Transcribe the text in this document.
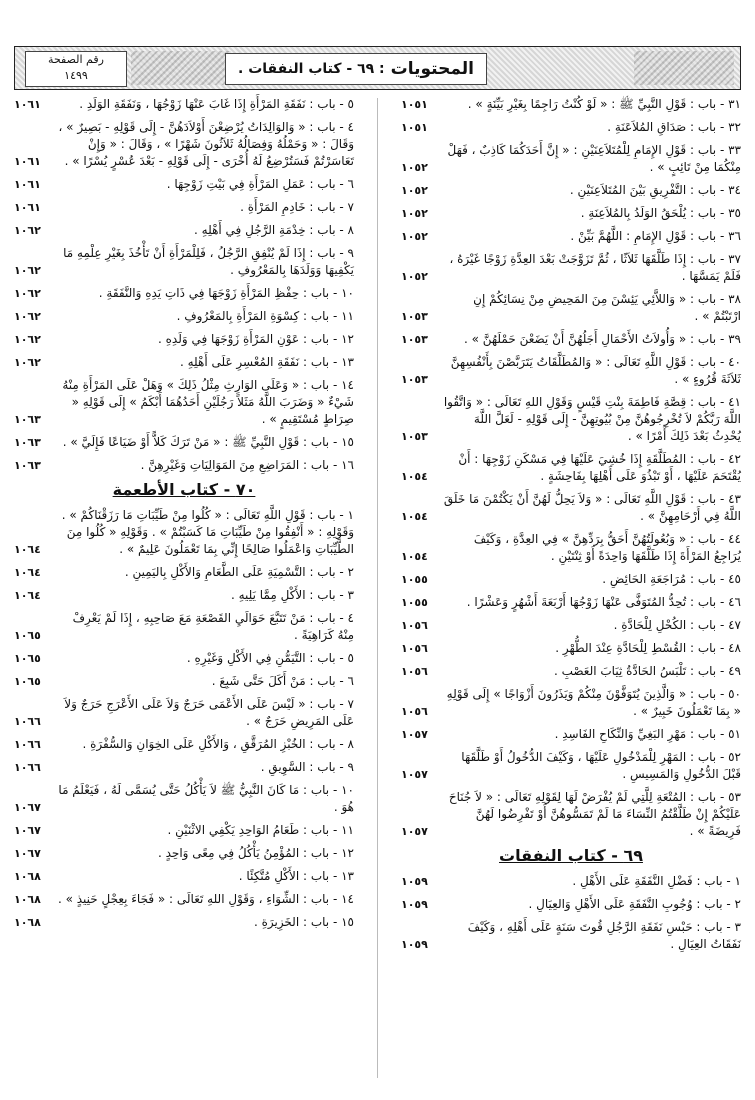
المحتويات
: ٦٩ - كتاب النفقات .
رقم الصفحة
١٤٩٩
٣١ - باب : قَوْلِ النَّبِيِّ ﷺ : « لَوْ كُنْتُ رَاجِمًا بِغَيْرِ بَيِّنَةٍ » .
١٠٥١
٣٢ - باب : صَدَاقِ المُلاَعَنَةِ .
١٠٥١
٣٣ - باب : قَوْلِ الإِمَامِ لِلْمُتَلاَعِنَيْنِ : « إِنَّ أَحَدَكُمَا كَاذِبٌ ، فَهَلْ مِنْكُمَا مِنْ تَائِبٍ » .
١٠٥٢
٣٤ - باب : التَّفْرِيقِ بَيْنَ المُتَلاَعِنَيْنِ .
١٠٥٢
٣٥ - باب : يُلْحَقُ الوَلَدُ بِالمُلاَعِنَةِ .
١٠٥٢
٣٦ - باب : قَوْلِ الإِمَامِ : اللَّهُمَّ بَيِّنْ .
١٠٥٢
٣٧ - باب : إِذَا طَلَّقَهَا ثَلاَثًا ، ثُمَّ تَزَوَّجَتْ بَعْدَ العِدَّةِ زَوْجًا غَيْرَهُ ، فَلَمْ يَمَسَّهَا .
١٠٥٢
٣٨ - باب : « وَاللاَّئِي يَئِسْنَ مِنَ المَحِيضِ مِنْ نِسَائِكُمْ إِنِ ارْتَبْتُمْ » .
١٠٥٣
٣٩ - باب : « وَأُولاَتُ الأَحْمَالِ أَجَلُهُنَّ أَنْ يَضَعْنَ حَمْلَهُنَّ » .
١٠٥٣
٤٠ - باب : قَوْلِ اللَّهِ تَعَالَى : « وَالمُطَلَّقَاتُ يَتَرَبَّصْنَ بِأَنْفُسِهِنَّ ثَلاَثَةَ قُرُوءٍ » .
١٠٥٣
٤١ - باب : قِصَّةِ فَاطِمَةَ بِنْتِ قَيْسٍ وَقَوْلِ اللهِ تَعَالَى : « وَاتَّقُوا اللَّهَ رَبَّكُمْ لاَ تُخْرِجُوهُنَّ مِنْ بُيُوتِهِنَّ - إِلَى قَوْلِهِ - لَعَلَّ اللَّهَ يُحْدِثُ بَعْدَ ذَلِكَ أَمْرًا » .
١٠٥٣
٤٢ - باب : المُطَلَّقَةِ إِذَا خُشِيَ عَلَيْهَا فِي مَسْكَنِ زَوْجِهَا : أَنْ يُقْتَحَمَ عَلَيْهَا ، أَوْ تَبْذُوَ عَلَى أَهْلِهَا بِفَاحِشَةٍ .
١٠٥٤
٤٣ - باب : قَوْلِ اللَّهِ تَعَالَى : « وَلاَ يَحِلُّ لَهُنَّ أَنْ يَكْتُمْنَ مَا خَلَقَ اللَّهُ فِي أَرْحَامِهِنَّ » .
١٠٥٤
٤٤ - باب : « وَبُعُولَتُهُنَّ أَحَقُّ بِرَدِّهِنَّ » فِي العِدَّةِ ، وَكَيْفَ يُرَاجِعُ المَرْأَةَ إِذَا طَلَّقَهَا وَاحِدَةً أَوْ ثِنْتَيْنِ .
١٠٥٤
٤٥ - باب : مُرَاجَعَةِ الحَائِضِ .
١٠٥٥
٤٦ - باب : تُحِدُّ المُتَوَفَّى عَنْهَا زَوْجُهَا أَرْبَعَةَ أَشْهُرٍ وَعَشْرًا .
١٠٥٥
٤٧ - باب : الكُحْلِ لِلْحَادَّةِ .
١٠٥٦
٤٨ - باب : القُسْطِ لِلْحَادَّةِ عِنْدَ الطُّهْرِ .
١٠٥٦
٤٩ - باب : تَلْبَسُ الحَادَّةُ ثِيَابَ العَصْبِ .
١٠٥٦
٥٠ - باب : « وَالَّذِينَ يُتَوَفَّوْنَ مِنْكُمْ وَيَذَرُونَ أَزْوَاجًا » إِلَى قَوْلِهِ « بِمَا تَعْمَلُونَ خَبِيرٌ » .
١٠٥٦
٥١ - باب : مَهْرِ البَغِيِّ وَالنِّكَاحِ الفَاسِدِ .
١٠٥٧
٥٢ - باب : المَهْرِ لِلْمَدْخُولِ عَلَيْهَا ، وَكَيْفَ الدُّخُولُ أَوْ طَلَّقَهَا قَبْلَ الدُّخُولِ وَالمَسِيسِ .
١٠٥٧
٥٣ - باب : المُتْعَةِ لِلَّتِي لَمْ يُفْرَضْ لَهَا لِقَوْلِهِ تَعَالَى : « لاَ جُنَاحَ عَلَيْكُمْ إِنْ طَلَّقْتُمُ النِّسَاءَ مَا لَمْ تَمَسُّوهُنَّ أَوْ تَفْرِضُوا لَهُنَّ فَرِيضَةً » .
١٠٥٧
٦٩ - كتاب النفقات
١ - باب : فَضْلِ النَّفَقَةِ عَلَى الأَهْلِ .
١٠٥٩
٢ - باب : وُجُوبِ النَّفَقَةِ عَلَى الأَهْلِ وَالعِيَالِ .
١٠٥٩
٣ - باب : حَبْسِ نَفَقَةِ الرَّجُلِ قُوتَ سَنَةٍ عَلَى أَهْلِهِ ، وَكَيْفَ نَفَقَاتُ العِيَالِ .
١٠٥٩
٥ - باب : نَفَقَةِ المَرْأَةِ إِذَا غَابَ عَنْهَا زَوْجُهَا ، وَنَفَقَةِ الوَلَدِ .
١٠٦١
٤ - باب : « وَالوَالِدَاتُ يُرْضِعْنَ أَوْلاَدَهُنَّ - إِلَى قَوْلِهِ - بَصِيرٌ » ، وَقَالَ : « وَحَمْلُهُ وَفِصَالُهُ ثَلاَثُونَ شَهْرًا » ، وَقَالَ : « وَإِنْ تَعَاسَرْتُمْ فَسَتُرْضِعُ لَهُ أُخْرَى - إِلَى قَوْلِهِ - بَعْدَ عُسْرٍ يُسْرًا » .
١٠٦١
٦ - باب : عَمَلِ المَرْأَةِ فِي بَيْتِ زَوْجِهَا .
١٠٦١
٧ - باب : خَادِمِ المَرْأَةِ .
١٠٦١
٨ - باب : خِدْمَةِ الرَّجُلِ فِي أَهْلِهِ .
١٠٦٢
٩ - باب : إِذَا لَمْ يُنْفِقِ الرَّجُلُ ، فَلِلْمَرْأَةِ أَنْ تَأْخُذَ بِغَيْرِ عِلْمِهِ مَا يَكْفِيهَا وَوَلَدَهَا بِالمَعْرُوفِ .
١٠٦٢
١٠ - باب : حِفْظِ المَرْأَةِ زَوْجَهَا فِي ذَاتِ يَدِهِ وَالنَّفَقَةِ .
١٠٦٢
١١ - باب : كِسْوَةِ المَرْأَةِ بِالمَعْرُوفِ .
١٠٦٢
١٢ - باب : عَوْنِ المَرْأَةِ زَوْجَهَا فِي وَلَدِهِ .
١٠٦٢
١٣ - باب : نَفَقَةِ المُعْسِرِ عَلَى أَهْلِهِ .
١٠٦٢
١٤ - باب : « وَعَلَى الوَارِثِ مِثْلُ ذَلِكَ » وَهَلْ عَلَى المَرْأَةِ مِنْهُ شَيْءٌ « وَضَرَبَ اللَّهُ مَثَلاً رَجُلَيْنِ أَحَدُهُمَا أَبْكَمُ » إِلَى قَوْلِهِ « صِرَاطٍ مُسْتَقِيمٍ » .
١٠٦٣
١٥ - باب : قَوْلِ النَّبِيِّ ﷺ : « مَنْ تَرَكَ كَلاًّ أَوْ ضَيَاعًا فَإِلَيَّ » .
١٠٦٣
١٦ - باب : المَرَاضِعِ مِنَ المَوَالِيَاتِ وَغَيْرِهِنَّ .
١٠٦٣
٧٠ - كتاب الأطعمة
١ - باب : قَوْلِ اللَّهِ تَعَالَى : « كُلُوا مِنْ طَيِّبَاتِ مَا رَزَقْنَاكُمْ » . وَقَوْلِهِ : « أَنْفِقُوا مِنْ طَيِّبَاتِ مَا كَسَبْتُمْ » . وَقَوْلِهِ « كُلُوا مِنَ الطَّيِّبَاتِ وَاعْمَلُوا صَالِحًا إِنِّي بِمَا تَعْمَلُونَ عَلِيمٌ » .
١٠٦٤
٢ - باب : التَّسْمِيَةِ عَلَى الطَّعَامِ وَالأَكْلِ بِاليَمِينِ .
١٠٦٤
٣ - باب : الأَكْلِ مِمَّا يَلِيهِ .
١٠٦٤
٤ - باب : مَنْ تَتَبَّعَ حَوَالَيِ القَصْعَةِ مَعَ صَاحِبِهِ ، إِذَا لَمْ يَعْرِفْ مِنْهُ كَرَاهِيَةً .
١٠٦٥
٥ - باب : التَّيَمُّنِ فِي الأَكْلِ وَغَيْرِهِ .
١٠٦٥
٦ - باب : مَنْ أَكَلَ حَتَّى شَبِعَ .
١٠٦٥
٧ - باب : « لَيْسَ عَلَى الأَعْمَى حَرَجٌ وَلاَ عَلَى الأَعْرَجِ حَرَجٌ وَلاَ عَلَى المَرِيضِ حَرَجٌ » .
١٠٦٦
٨ - باب : الخُبْزِ المُرَقَّقِ ، وَالأَكْلِ عَلَى الخِوَانِ وَالسُّفْرَةِ .
١٠٦٦
٩ - باب : السَّوِيقِ .
١٠٦٦
١٠ - باب : مَا كَانَ النَّبِيُّ ﷺ لاَ يَأْكُلُ حَتَّى يُسَمَّى لَهُ ، فَيَعْلَمُ مَا هُوَ .
١٠٦٧
١١ - باب : طَعَامُ الوَاحِدِ يَكْفِي الاثْنَيْنِ .
١٠٦٧
١٢ - باب : المُؤْمِنُ يَأْكُلُ فِي مِعًى وَاحِدٍ .
١٠٦٧
١٣ - باب : الأَكْلِ مُتَّكِئًا .
١٠٦٨
١٤ - باب : الشِّوَاءِ ، وَقَوْلِ اللهِ تَعَالَى : « فَجَاءَ بِعِجْلٍ حَنِيذٍ » .
١٠٦٨
١٥ - باب : الخَزِيرَةِ .
١٠٦٨
